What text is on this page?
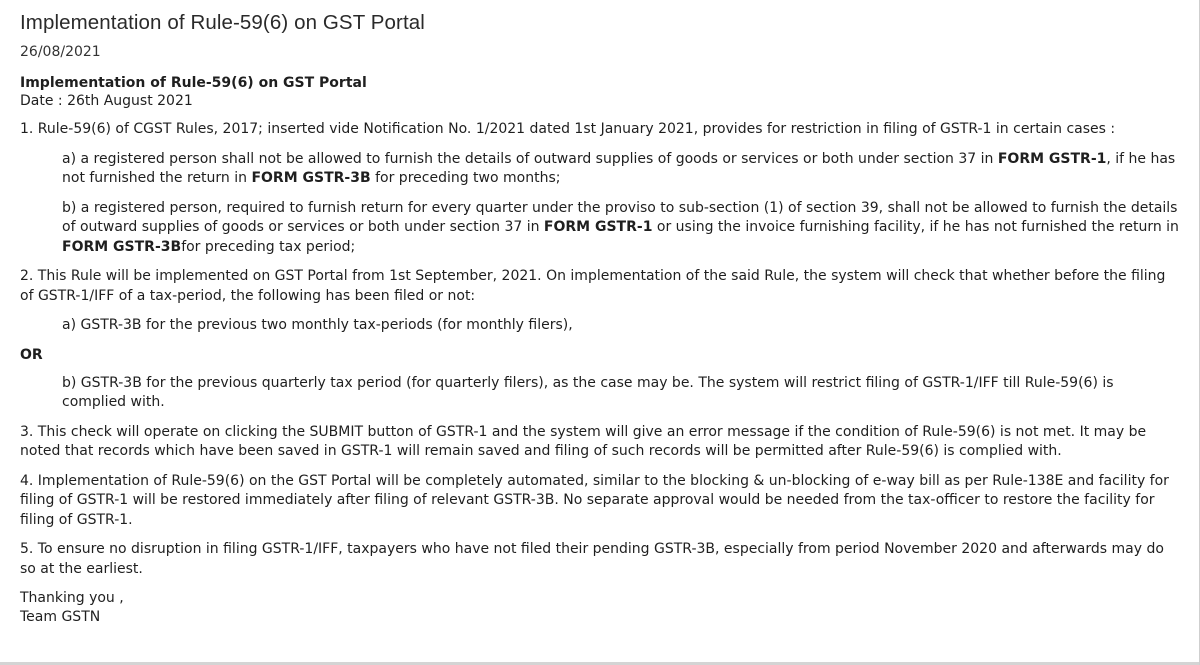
Implementation of Rule-59(6) on GST Portal
26/08/2021
Implementation of Rule-59(6) on GST Portal
Date : 26th August 2021

1. Rule-59(6) of CGST Rules, 2017; inserted vide Notification No. 1/2021 dated 1st January 2021, provides for restriction in filing of GSTR-1 in certain cases :

a) a registered person shall not be allowed to furnish the details of outward supplies of goods or services or both under section 37 in FORM GSTR-1, if he has not furnished the return in FORM GSTR-3B for preceding two months;

b) a registered person, required to furnish return for every quarter under the proviso to sub-section (1) of section 39, shall not be allowed to furnish the details of outward supplies of goods or services or both under section 37 in FORM GSTR-1 or using the invoice furnishing facility, if he has not furnished the return in FORM GSTR-3Bfor preceding tax period;

2. This Rule will be implemented on GST Portal from 1st September, 2021. On implementation of the said Rule, the system will check that whether before the filing of GSTR-1/IFF of a tax-period, the following has been filed or not:

a) GSTR-3B for the previous two monthly tax-periods (for monthly filers),

OR

b) GSTR-3B for the previous quarterly tax period (for quarterly filers), as the case may be. The system will restrict filing of GSTR-1/IFF till Rule-59(6) is complied with.

3. This check will operate on clicking the SUBMIT button of GSTR-1 and the system will give an error message if the condition of Rule-59(6) is not met. It may be noted that records which have been saved in GSTR-1 will remain saved and filing of such records will be permitted after Rule-59(6) is complied with.

4. Implementation of Rule-59(6) on the GST Portal will be completely automated, similar to the blocking & un-blocking of e-way bill as per Rule-138E and facility for filing of GSTR-1 will be restored immediately after filing of relevant GSTR-3B. No separate approval would be needed from the tax-officer to restore the facility for filing of GSTR-1.

5. To ensure no disruption in filing GSTR-1/IFF, taxpayers who have not filed their pending GSTR-3B, especially from period November 2020 and afterwards may do so at the earliest.

Thanking you ,
Team GSTN
